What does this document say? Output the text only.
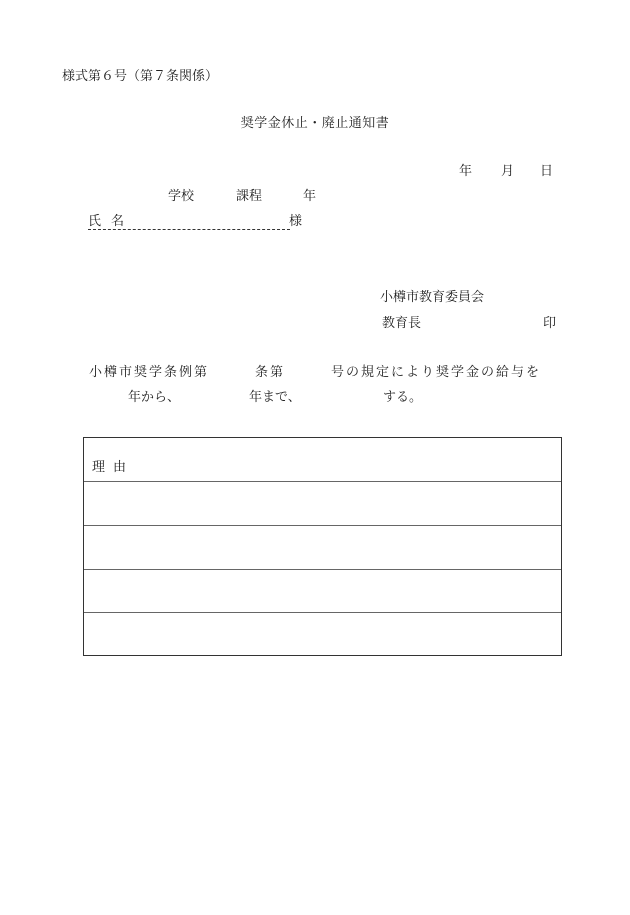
様式第６号（第７条関係）
奨学金休止・廃止通知書
年 月 日
学校	課程	年
氏名	様
小樽市教育委員会
教育長	印
小樽市奨学条例第	条第	号の規定により奨学金の給与を
年から、	年まで、	する。
理由
